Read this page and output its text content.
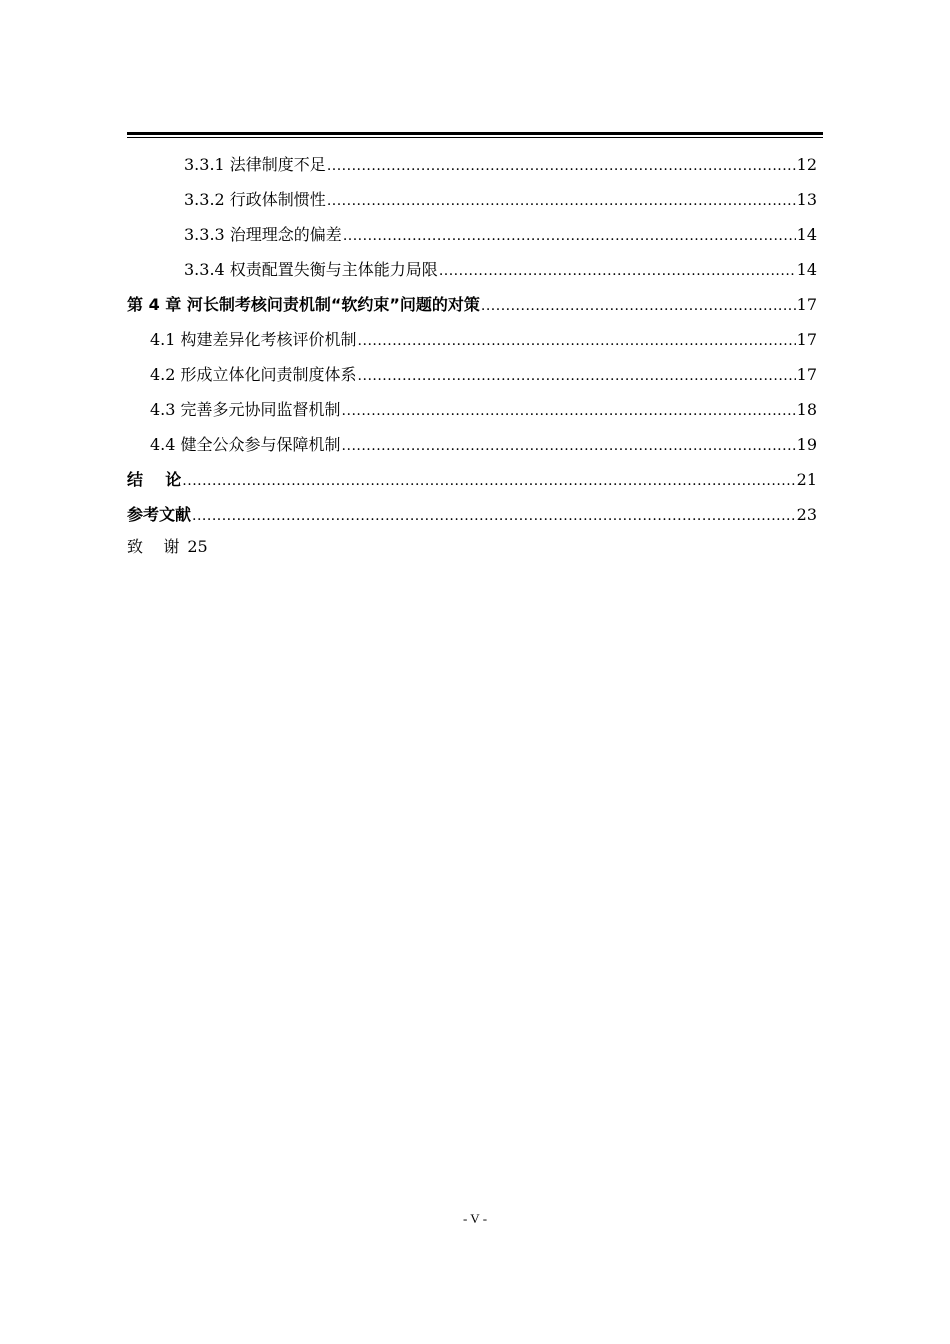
3.3.1 法律制度不足 .....	12
3.3.2 行政体制惯性 .....	13
3.3.3 治理理念的偏差 .....	14
3.3.4 权责配置失衡与主体能力局限 .....	14
第 4 章 河长制考核问责机制“软约束”问题的对策 .....	17
4.1 构建差异化考核评价机制 .....	17
4.2 形成立体化问责制度体系 .....	17
4.3 完善多元协同监督机制 .....	18
4.4 健全公众参与保障机制 .....	19
结    论 .....	21
参考文献 .....	23
致    谢 25
- V -
